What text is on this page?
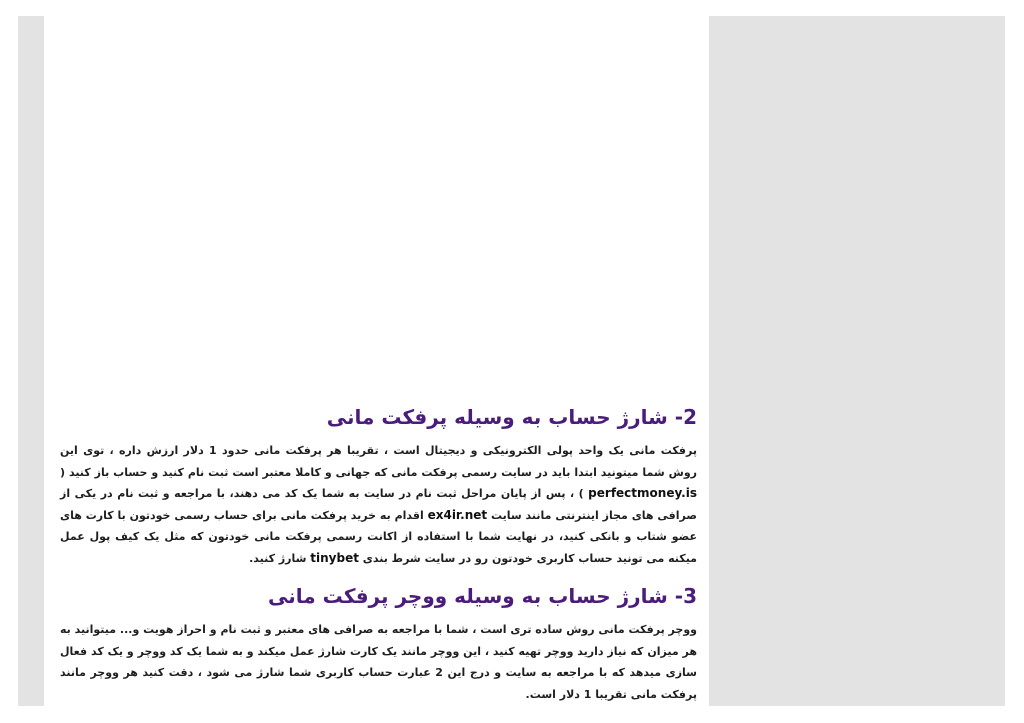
2- شارژ حساب به وسیله پرفکت مانی

پرفکت مانی یک واحد پولی الکترونیکی و دیجیتال است ، تقریبا هر پرفکت مانی حدود 1 دلار ارزش داره ، توی این روش شما میتونید ابتدا باید در سایت رسمی پرفکت مانی که جهانی و کاملا معتبر است ثبت نام کنید و حساب باز کنید ( perfectmoney.is ) ، پس از پایان مراحل ثبت نام در سایت به شما یک کد می دهند، با مراجعه و ثبت نام در یکی از صرافی های مجاز اینترنتی مانند سایت ex4ir.net اقدام به خرید پرفکت مانی برای حساب رسمی خودتون با کارت های عضو شتاب و بانکی کنید، در نهایت شما با استفاده از اکانت رسمی پرفکت مانی خودتون که مثل یک کیف پول عمل میکنه می تونید حساب کاربری خودتون رو در سایت شرط بندی tinybet شارژ کنید.

3- شارژ حساب به وسیله ووچر پرفکت مانی

ووچر پرفکت مانی روش ساده تری است ، شما با مراجعه به صرافی های معتبر و ثبت نام و احراز هویت و... میتوانید به هر میزان که نیاز دارید ووچر تهیه کنید ، این ووچر مانند یک کارت شارژ عمل میکند و به شما یک کد ووچر و یک کد فعال سازی میدهد که با مراجعه به سایت و درج این 2 عبارت حساب کاربری شما شارژ می شود ، دقت کنید هر ووچر مانند پرفکت مانی تقریبا 1 دلار است.
